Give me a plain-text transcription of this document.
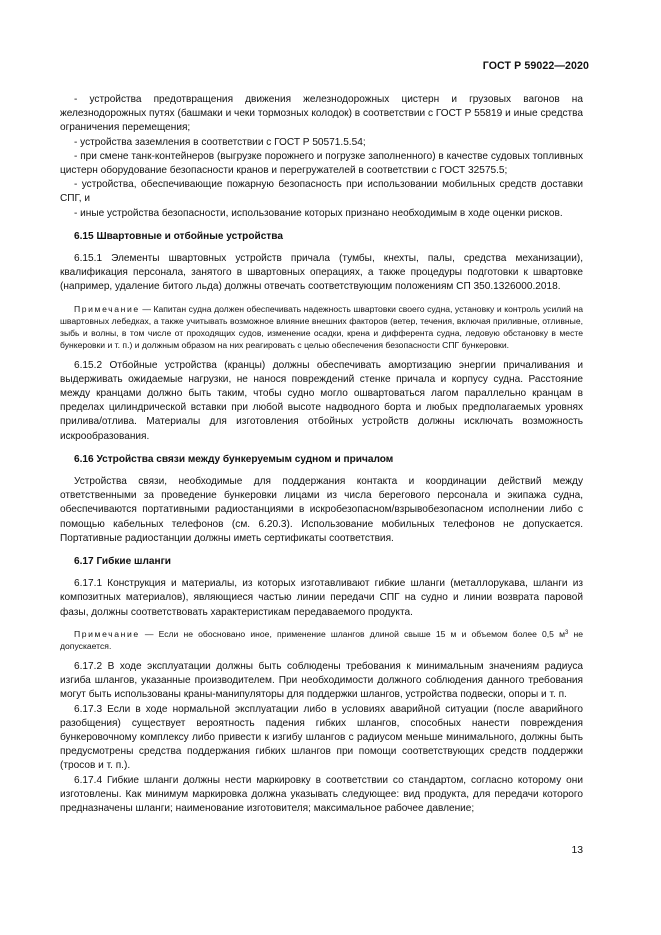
ГОСТ Р 59022—2020

- устройства предотвращения движения железнодорожных цистерн и грузовых вагонов на железнодорожных путях (башмаки и чеки тормозных колодок) в соответствии с ГОСТ Р 55819 и иные средства ограничения перемещения;

- устройства заземления в соответствии с ГОСТ Р 50571.5.54;

- при смене танк-контейнеров (выгрузке порожнего и погрузке заполненного) в качестве судовых топливных цистерн оборудование безопасности кранов и перегружателей в соответствии с ГОСТ 32575.5;

- устройства, обеспечивающие пожарную безопасность при использовании мобильных средств доставки СПГ, и

- иные устройства безопасности, использование которых признано необходимым в ходе оценки рисков.

6.15 Швартовные и отбойные устройства

6.15.1 Элементы швартовных устройств причала (тумбы, кнехты, палы, средства механизации), квалификация персонала, занятого в швартовных операциях, а также процедуры подготовки к швартовке (например, удаление битого льда) должны отвечать соответствующим положениям СП 350.1326000.2018.

Примечание — Капитан судна должен обеспечивать надежность швартовки своего судна, установку и контроль усилий на швартовных лебедках, а также учитывать возможное влияние внешних факторов (ветер, течения, включая приливные, отливные, зыбь и волны, в том числе от проходящих судов, изменение осадки, крена и дифферента судна, ледовую обстановку в месте бункеровки и т. п.) и должным образом на них реагировать с целью обеспечения безопасности СПГ бункеровки.

6.15.2 Отбойные устройства (кранцы) должны обеспечивать амортизацию энергии причаливания и выдерживать ожидаемые нагрузки, не нанося повреждений стенке причала и корпусу судна. Расстояние между кранцами должно быть таким, чтобы судно могло ошвартоваться лагом параллельно кранцам в пределах цилиндрической вставки при любой высоте надводного борта и любых предполагаемых уровнях прилива/отлива. Материалы для изготовления отбойных устройств должны исключать возможность искрообразования.

6.16 Устройства связи между бункеруемым судном и причалом

Устройства связи, необходимые для поддержания контакта и координации действий между ответственными за проведение бункеровки лицами из числа берегового персонала и экипажа судна, обеспечиваются портативными радиостанциями в искробезопасном/взрывобезопасном исполнении либо с помощью кабельных телефонов (см. 6.20.3). Использование мобильных телефонов не допускается. Портативные радиостанции должны иметь сертификаты соответствия.

6.17 Гибкие шланги

6.17.1 Конструкция и материалы, из которых изготавливают гибкие шланги (металлорукава, шланги из композитных материалов), являющиеся частью линии передачи СПГ на судно и линии возврата паровой фазы, должны соответствовать характеристикам передаваемого продукта.

Примечание — Если не обосновано иное, применение шлангов длиной свыше 15 м и объемом более 0,5 $м^3$ не допускается.

6.17.2 В ходе эксплуатации должны быть соблюдены требования к минимальным значениям радиуса изгиба шлангов, указанные производителем. При необходимости должного соблюдения данного требования могут быть использованы краны-манипуляторы для поддержки шлангов, устройства подвески, опоры и т. п.

6.17.3 Если в ходе нормальной эксплуатации либо в условиях аварийной ситуации (после аварийного разобщения) существует вероятность падения гибких шлангов, способных нанести повреждения бункеровочному комплексу либо привести к изгибу шлангов с радиусом меньше минимального, должны быть предусмотрены средства поддержания гибких шлангов при помощи соответствующих средств поддержки (тросов и т. п.).

6.17.4 Гибкие шланги должны нести маркировку в соответствии со стандартом, согласно которому они изготовлены. Как минимум маркировка должна указывать следующее: вид продукта, для передачи которого предназначены шланги; наименование изготовителя; максимальное рабочее давление;

13
